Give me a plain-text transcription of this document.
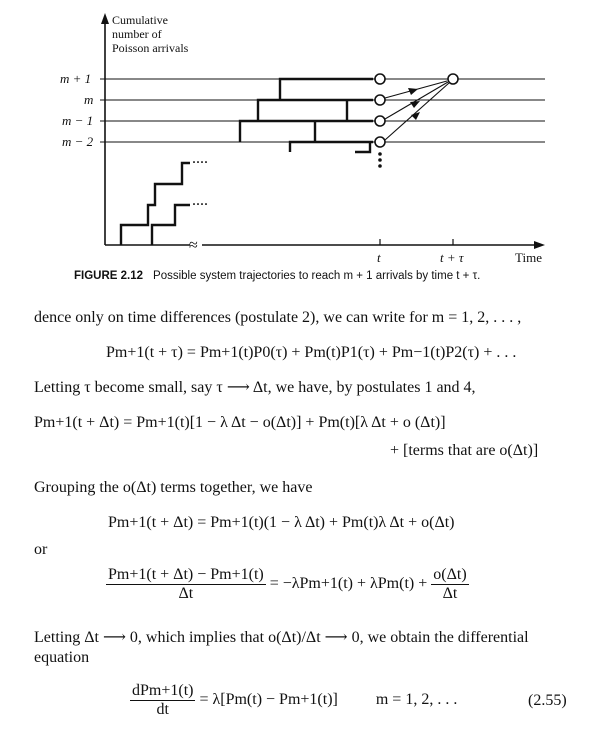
≈
Cumulative
number of
Poisson arrivals
m + 1
m
m − 1
m − 2
····
····
t	t + τ	Time
FIGURE 2.12 Possible system trajectories to reach m + 1 arrivals by time t + τ.
dence only on time differences (postulate 2), we can write for m = 1, 2, . . . ,
Pm+1(t + τ) = Pm+1(t)P0(τ) + Pm(t)P1(τ) + Pm−1(t)P2(τ) + . . .
Letting τ become small, say τ ⟶ Δt, we have, by postulates 1 and 4,
Pm+1(t + Δt) = Pm+1(t)[1 − λ Δt − o(Δt)] + Pm(t)[λ Δt + o (Δt)]
+ [terms that are o(Δt)]
Grouping the o(Δt) terms together, we have
Pm+1(t + Δt) = Pm+1(t)(1 − λ Δt) + Pm(t)λ Δt + o(Δt)
or
$\frac{Pm+1(t + \Delta t) - Pm+1(t)}{\Delta t} = -\lambda Pm+1(t) + \lambda Pm(t) + \frac{o(\Delta t)}{\Delta t}$
Letting Δt ⟶ 0, which implies that o(Δt)/Δt ⟶ 0, we obtain the differential equation
$\frac{\text{dPm+1(t)}}{dt} = \lambda[Pm(t) - Pm+1(t)] m = 1$, 2, . . .	(2.55)
